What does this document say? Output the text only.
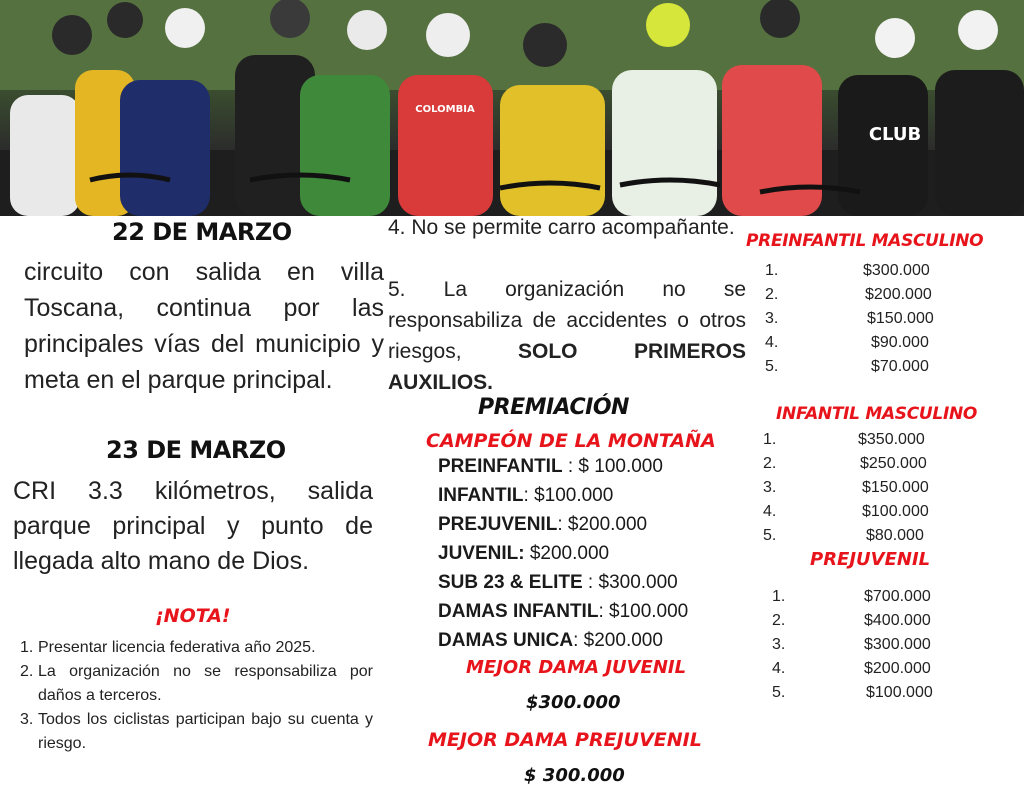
COLOMBIA
CLUB
22 DE MARZO
circuito con salida en villa Toscana, continua por las principales vías del municipio y meta en el parque principal.
23 DE MARZO
CRI 3.3 kilómetros, salida parque principal y punto de llegada alto mano de Dios.
¡NOTA!
1. Presentar licencia federativa año 2025.
2. La organización no se responsabiliza por daños a terceros.
3. Todos los ciclistas participan bajo su cuenta y riesgo.
4. No se permite carro acompañante.
5. La organización no se responsabiliza de accidentes o otros riesgos, SOLO PRIMEROS AUXILIOS.
PREMIACIÓN
CAMPEÓN DE LA MONTAÑA
PREINFANTIL : $ 100.000
INFANTIL: $100.000
PREJUVENIL: $200.000
JUVENIL: $200.000
SUB 23 & ELITE : $300.000
DAMAS INFANTIL: $100.000
DAMAS UNICA: $200.000
MEJOR DAMA JUVENIL
$300.000
MEJOR DAMA PREJUVENIL
$ 300.000
PREINFANTIL MASCULINO
1.	$300.000
2.	$200.000
3.	$150.000
4.	$90.000
5.	$70.000
INFANTIL MASCULINO
1.	$350.000
2.	$250.000
3.	$150.000
4.	$100.000
5.	$80.000
PREJUVENIL
1.	$700.000
2.	$400.000
3.	$300.000
4.	$200.000
5.	$100.000
